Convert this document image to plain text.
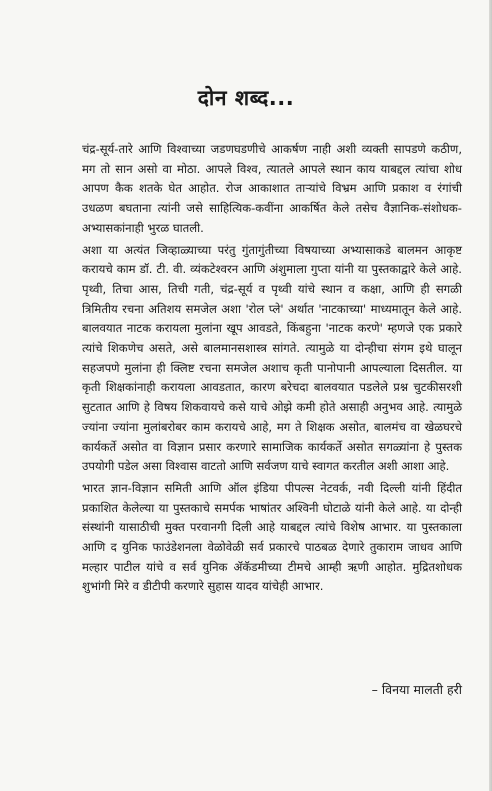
दोन शब्द...

चंद्र-सूर्य-तारे आणि विश्वाच्या जडणघडणीचे आकर्षण नाही अशी व्यक्ती सापडणे कठीण, मग तो सान असो वा मोठा. आपले विश्व, त्यातले आपले स्थान काय याबद्दल त्यांचा शोध आपण कैक शतके घेत आहोत. रोज आकाशात ताऱ्यांचे विभ्रम आणि प्रकाश व रंगांची उधळण बघताना त्यांनी जसे साहित्यिक-कवींना आकर्षित केले तसेच वैज्ञानिक-संशोधक-अभ्यासकांनाही भुरळ घातली.

अशा या अत्यंत जिव्हाळ्याच्या परंतु गुंतागुंतीच्या विषयाच्या अभ्यासाकडे बालमन आकृष्ट करायचे काम डॉ. टी. वी. व्यंकटेश्वरन आणि अंशुमाला गुप्ता यांनी या पुस्तकाद्वारे केले आहे. पृथ्वी, तिचा आस, तिची गती, चंद्र-सूर्य व पृथ्वी यांचे स्थान व कक्षा, आणि ही सगळी त्रिमितीय रचना अतिशय समजेल अशा 'रोल प्ले' अर्थात 'नाटकाच्या' माध्यमातून केले आहे. बालवयात नाटक करायला मुलांना खूप आवडते, किंबहुना 'नाटक करणे' म्हणजे एक प्रकारे त्यांचे शिकणेच असते, असे बालमानसशास्त्र सांगते. त्यामुळे या दोन्हीचा संगम इथे घालून सहजपणे मुलांना ही क्लिष्ट रचना समजेल अशाच कृती पानोपानी आपल्याला दिसतील. या कृती शिक्षकांनाही करायला आवडतात, कारण बरेचदा बालवयात पडलेले प्रश्न चुटकीसरशी सुटतात आणि हे विषय शिकवायचे कसे याचे ओझे कमी होते असाही अनुभव आहे. त्यामुळे ज्यांना ज्यांना मुलांबरोबर काम करायचे आहे, मग ते शिक्षक असोत, बालमंच वा खेळघरचे कार्यकर्ते असोत वा विज्ञान प्रसार करणारे सामाजिक कार्यकर्ते असोत सगळ्यांना हे पुस्तक उपयोगी पडेल असा विश्वास वाटतो आणि सर्वजण याचे स्वागत करतील अशी आशा आहे.

भारत ज्ञान-विज्ञान समिती आणि ऑल इंडिया पीपल्स नेटवर्क, नवी दिल्ली यांनी हिंदीत प्रकाशित केलेल्या या पुस्तकाचे समर्पक भाषांतर अश्विनी घोटाळे यांनी केले आहे. या दोन्ही संस्थांनी यासाठीची मुक्त परवानगी दिली आहे याबद्दल त्यांचे विशेष आभार. या पुस्तकाला आणि द युनिक फाउंडेशनला वेळोवेळी सर्व प्रकारचे पाठबळ देणारे तुकाराम जाधव आणि मल्हार पाटील यांचे व सर्व युनिक ॲकॅडमीच्या टीमचे आम्ही ऋणी आहोत. मुद्रितशोधक शुभांगी मिरे व डीटीपी करणारे सुहास यादव यांचेही आभार.

– विनया मालती हरी
